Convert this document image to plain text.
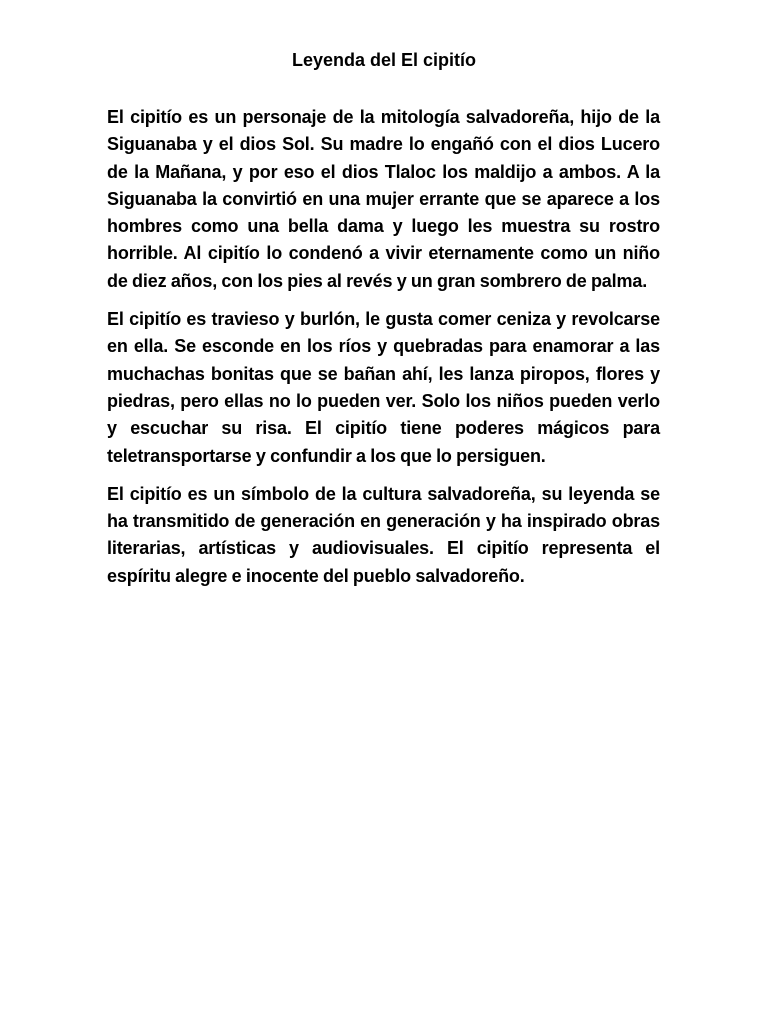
Leyenda del El cipitío

El cipitío es un personaje de la mitología salvadoreña, hijo de la Siguanaba y el dios Sol. Su madre lo engañó con el dios Lucero de la Mañana, y por eso el dios Tlaloc los maldijo a ambos. A la Siguanaba la convirtió en una mujer errante que se aparece a los hombres como una bella dama y luego les muestra su rostro horrible. Al cipitío lo condenó a vivir eternamente como un niño de diez años, con los pies al revés y un gran sombrero de palma.

El cipitío es travieso y burlón, le gusta comer ceniza y revolcarse en ella. Se esconde en los ríos y quebradas para enamorar a las muchachas bonitas que se bañan ahí, les lanza piropos, flores y piedras, pero ellas no lo pueden ver. Solo los niños pueden verlo y escuchar su risa. El cipitío tiene poderes mágicos para teletransportarse y confundir a los que lo persiguen.

El cipitío es un símbolo de la cultura salvadoreña, su leyenda se ha transmitido de generación en generación y ha inspirado obras literarias, artísticas y audiovisuales. El cipitío representa el espíritu alegre e inocente del pueblo salvadoreño.
